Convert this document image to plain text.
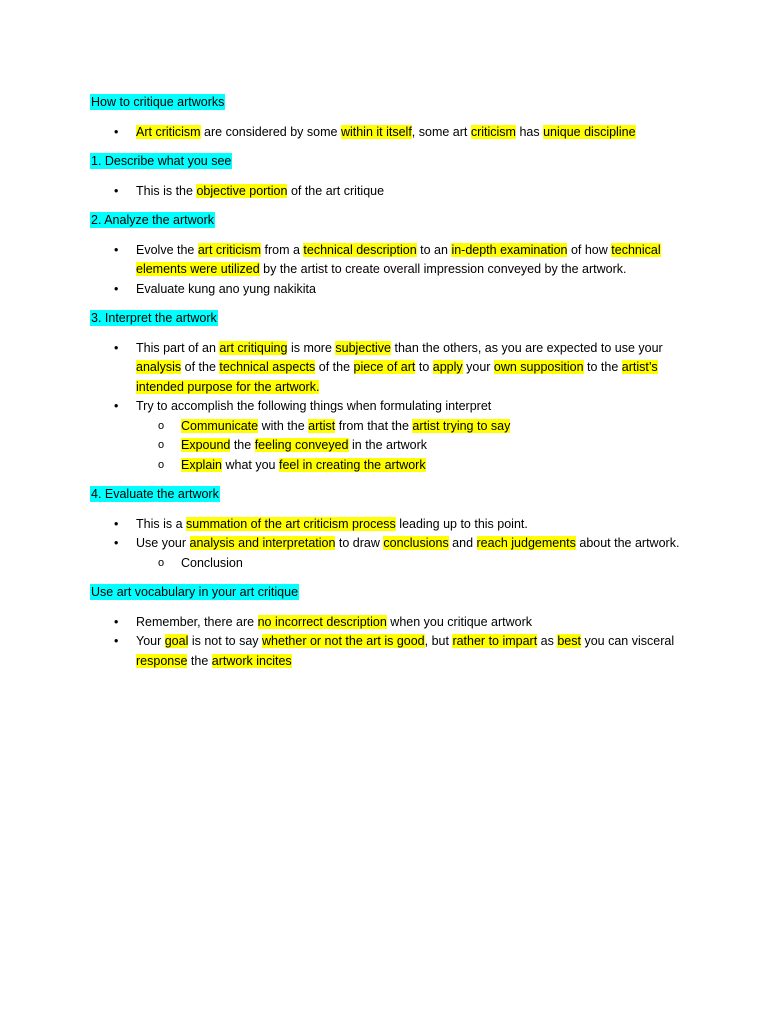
How to critique artworks
• Art criticism are considered by some within it itself, some art criticism has unique discipline
1. Describe what you see
• This is the objective portion of the art critique
2. Analyze the artwork
• Evolve the art criticism from a technical description to an in-depth examination of how technical elements were utilized by the artist to create overall impression conveyed by the artwork.
• Evaluate kung ano yung nakikita
3. Interpret the artwork
• This part of an art critiquing is more subjective than the others, as you are expected to use your analysis of the technical aspects of the piece of art to apply your own supposition to the artist’s intended purpose for the artwork.
• Try to accomplish the following things when formulating interpret
o Communicate with the artist from that the artist trying to say
o Expound the feeling conveyed in the artwork
o Explain what you feel in creating the artwork
4. Evaluate the artwork
• This is a summation of the art criticism process leading up to this point.
• Use your analysis and interpretation to draw conclusions and reach judgements about the artwork.
o Conclusion
Use art vocabulary in your art critique
• Remember, there are no incorrect description when you critique artwork
• Your goal is not to say whether or not the art is good, but rather to impart as best you can visceral response the artwork incites
